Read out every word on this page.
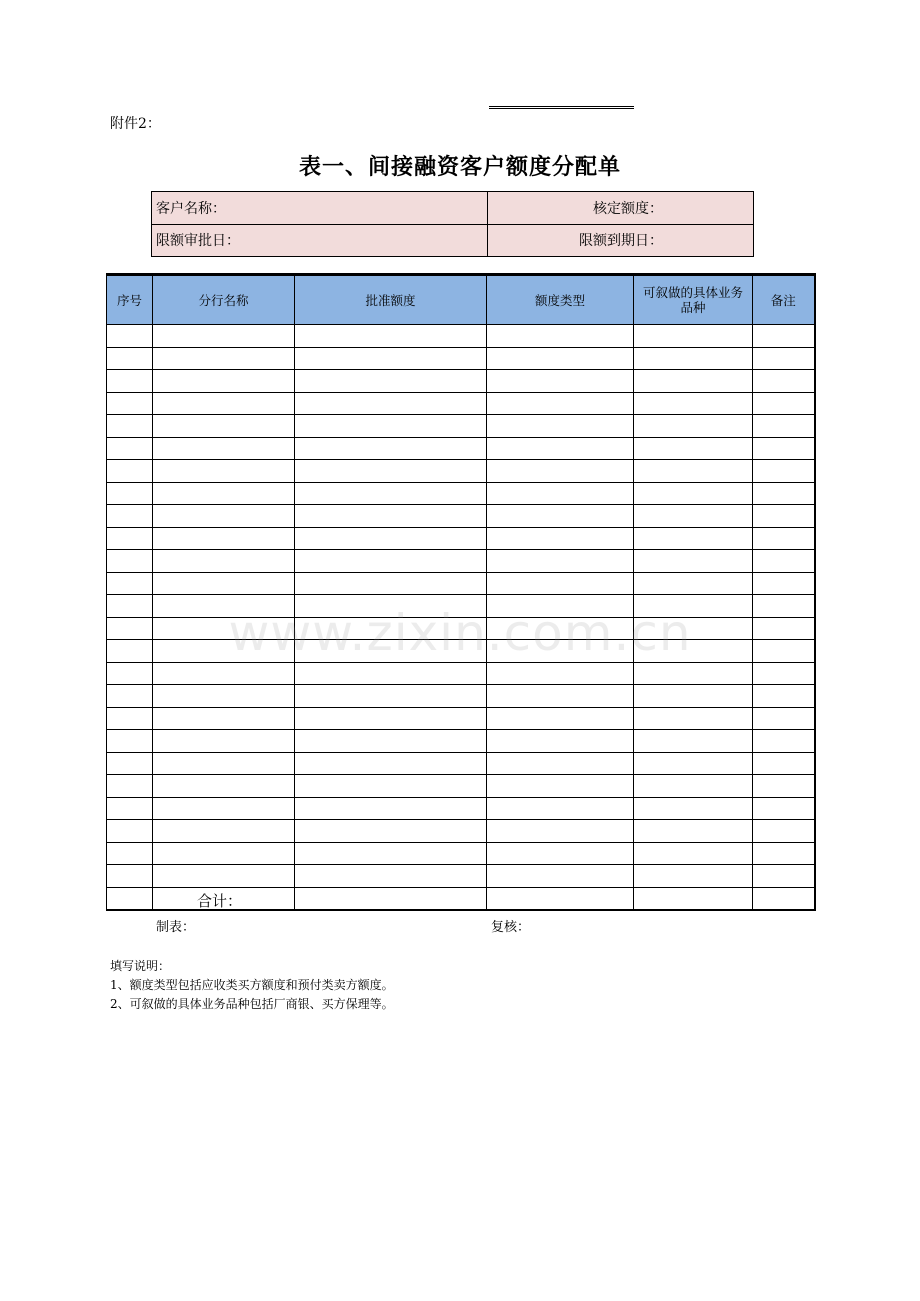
附件2：
表一、间接融资客户额度分配单
客户名称：	核定额度：
限额审批日：	限额到期日：
序号	分行名称	批准额度	额度类型	可叙做的具体业务品种	备注

	合计：				
制表：	复核：
填写说明：
1、额度类型包括应收类买方额度和预付类卖方额度。
2、可叙做的具体业务品种包括厂商银、买方保理等。
www.zixin.com.cn
